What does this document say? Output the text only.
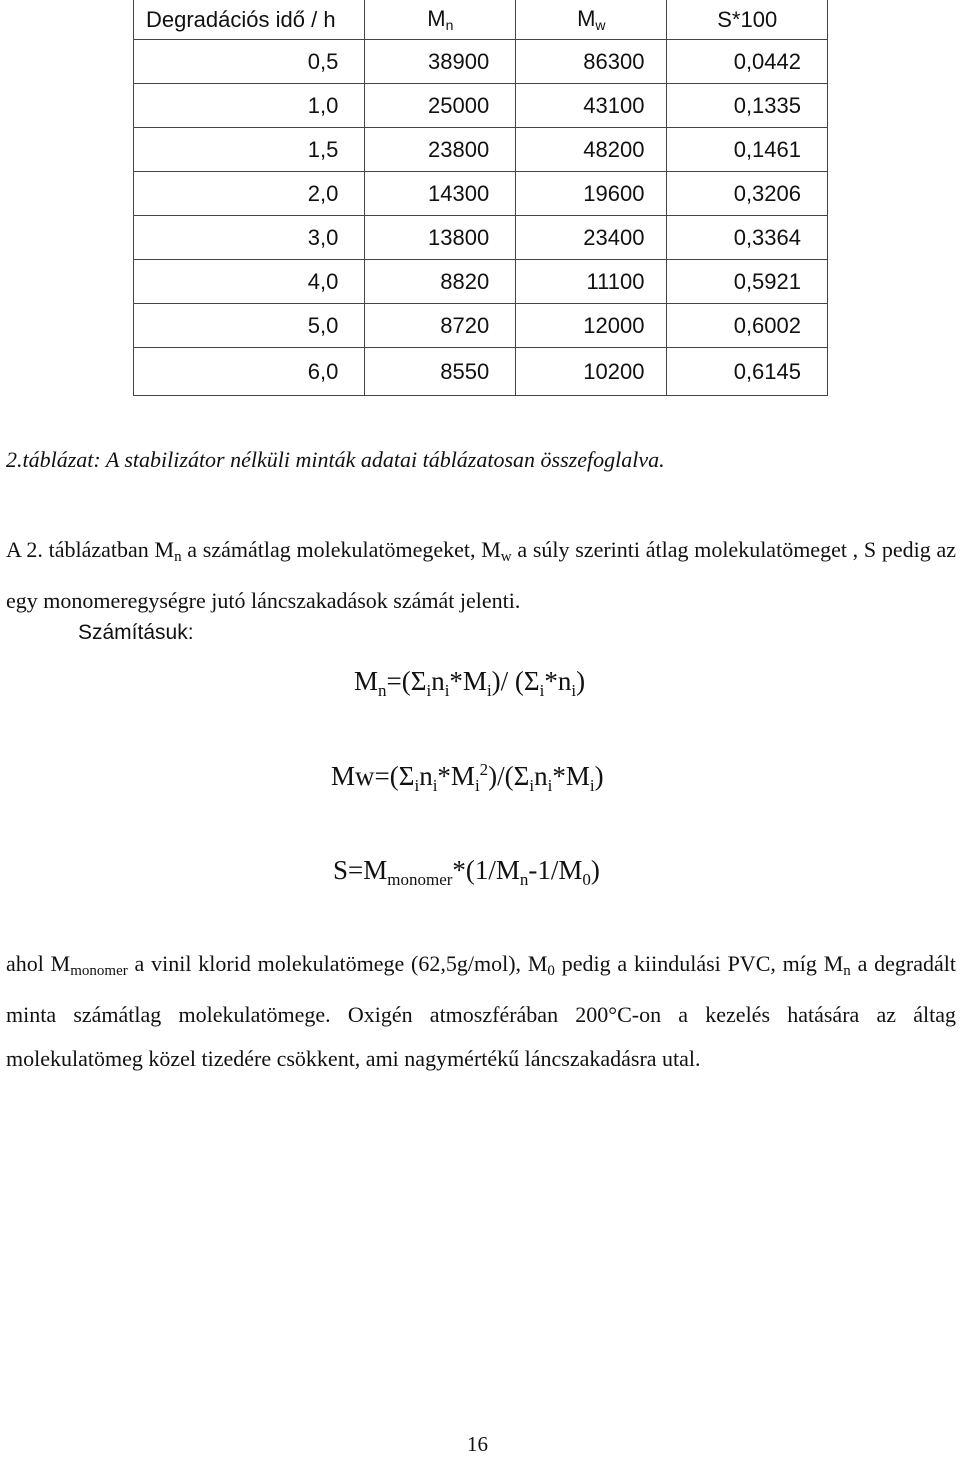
Degradációs idő / h	$M_n$	$M_w$	S*100
0,5	38900	86300	0,0442
1,0	25000	43100	0,1335
1,5	23800	48200	0,1461
2,0	14300	19600	0,3206
3,0	13800	23400	0,3364
4,0	8820	11100	0,5921
5,0	8720	12000	0,6002
6,0	8550	10200	0,6145
2.táblázat: A stabilizátor nélküli minták adatai táblázatosan összefoglalva.
A 2. táblázatban $M_n$ a számátlag molekulatömegeket, $M_w$ a súly szerinti átlag molekulatömeget , S pedig az egy monomeregységre jutó láncszakadások számát jelenti.
Számításuk:
$M_n=(\Sigma_in_i*M_i)/$ $(\Sigma_i*n_i)$
$Mw=(\Sigma_in_i*M_i^2)/(\Sigma_in_i*M_i)$
$S=M_{monomer}*(1/M_n-1/M_0)$
ahol $M_{monomer}$ a vinil klorid molekulatömege (62,5g/mol), $M_0$ pedig a kiindulási PVC, míg $M_n$ a degradált minta számátlag molekulatömege. Oxigén atmoszférában 200°C-on a kezelés hatására az áltag molekulatömeg közel tizedére csökkent, ami nagymértékű láncszakadásra utal.
16
